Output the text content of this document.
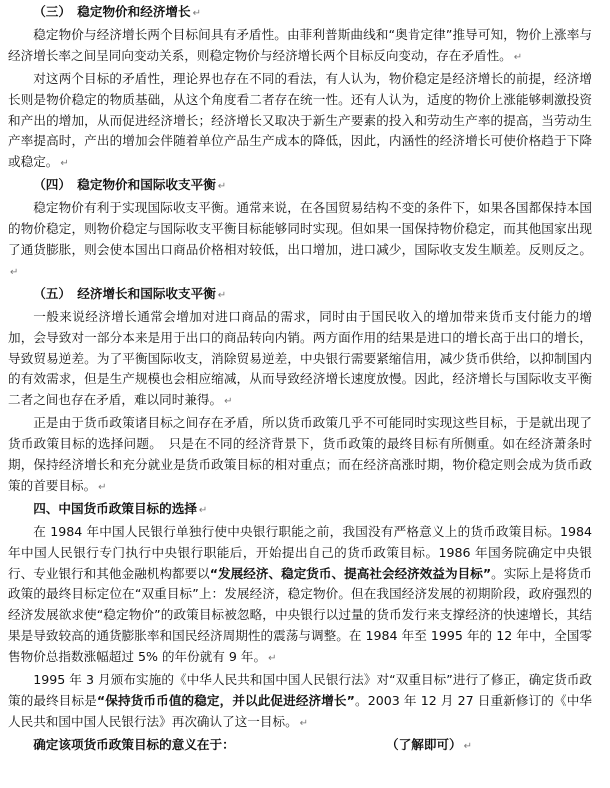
（三）　稳定物价和经济增长 ↵

稳定物价与经济增长两个目标间具有矛盾性。由菲利普斯曲线和“奥肯定律”推导可知，物价上涨率与经济增长率之间呈同向变动关系，则稳定物价与经济增长两个目标反向变动，存在矛盾性。 ↵

对这两个目标的矛盾性，理论界也存在不同的看法，有人认为，物价稳定是经济增长的前提，经济增长则是物价稳定的物质基础，从这个角度看二者存在统一性。还有人认为，适度的物价上涨能够刺激投资和产出的增加，从而促进经济增长；经济增长又取决于新生产要素的投入和劳动生产率的提高，当劳动生产率提高时，产出的增加会伴随着单位产品生产成本的降低，因此，内涵性的经济增长可使价格趋于下降或稳定。 ↵

（四）　稳定物价和国际收支平衡 ↵

稳定物价有利于实现国际收支平衡。通常来说，在各国贸易结构不变的条件下，如果各国都保持本国的物价稳定，则物价稳定与国际收支平衡目标能够同时实现。但如果一国保持物价稳定，而其他国家出现了通货膨胀，则会使本国出口商品价格相对较低，出口增加，进口减少，国际收支发生顺差。反则反之。↵

（五）　经济增长和国际收支平衡 ↵

一般来说经济增长通常会增加对进口商品的需求，同时由于国民收入的增加带来货币支付能力的增加，会导致对一部分本来是用于出口的商品转向内销。两方面作用的结果是进口的增长高于出口的增长，导致贸易逆差。为了平衡国际收支，消除贸易逆差，中央银行需要紧缩信用，减少货币供给，以抑制国内的有效需求，但是生产规模也会相应缩减，从而导致经济增长速度放慢。因此，经济增长与国际收支平衡二者之间也存在矛盾，难以同时兼得。 ↵

正是由于货币政策诸目标之间存在矛盾，所以货币政策几乎不可能同时实现这些目标，于是就出现了货币政策目标的选择问题。　只是在不同的经济背景下，货币政策的最终目标有所侧重。如在经济萧条时期，保持经济增长和充分就业是货币政策目标的相对重点；而在经济高涨时期，物价稳定则会成为货币政策的首要目标。 ↵

四、中国货币政策目标的选择 ↵

在 1984 年中国人民银行单独行使中央银行职能之前，我国没有严格意义上的货币政策目标。1984 年中国人民银行专门执行中央银行职能后，开始提出自己的货币政策目标。1986 年国务院确定中央银行、专业银行和其他金融机构都要以“发展经济、稳定货币、提高社会经济效益为目标”。实际上是将货币政策的最终目标定位在“双重目标”上：发展经济，稳定物价。但在我国经济发展的初期阶段，政府强烈的经济发展欲求使“稳定物价”的政策目标被忽略，中央银行以过量的货币发行来支撑经济的快速增长，其结果是导致较高的通货膨胀率和国民经济周期性的震荡与调整。在 1984 年至 1995 年的 12 年中，全国零售物价总指数涨幅超过 5% 的年份就有 9 年。 ↵

1995 年 3 月颁布实施的《中华人民共和国中国人民银行法》对“双重目标”进行了修正，确定货币政策的最终目标是“保持货币币值的稳定，并以此促进经济增长”。2003 年 12 月 27 日重新修订的《中华人民共和国中国人民银行法》再次确认了这一目标。 ↵

确定该项货币政策目标的意义在于：	（了解即可） ↵
